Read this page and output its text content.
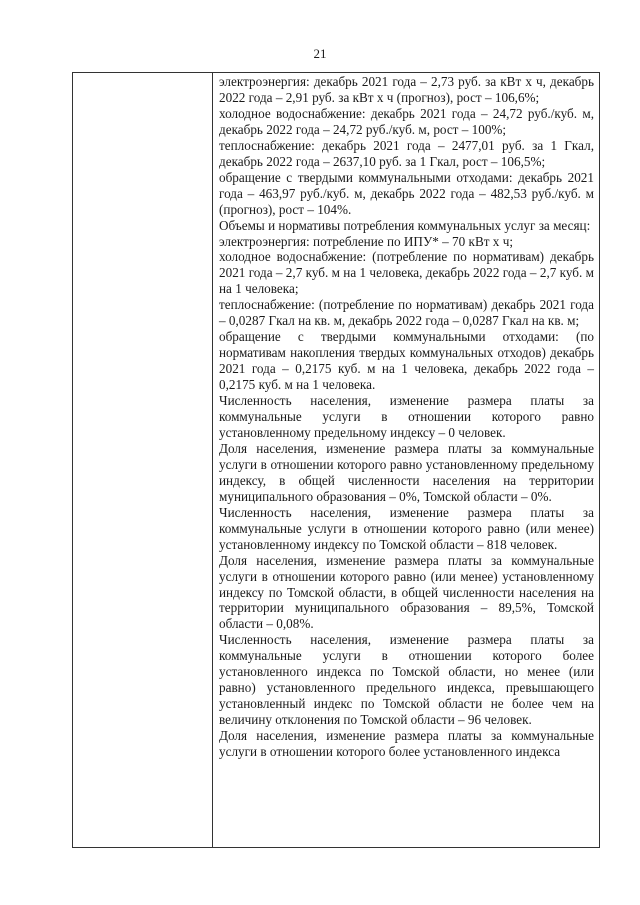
21

электроэнергия: декабрь 2021 года – 2,73 руб. за кВт х ч, декабрь 2022 года – 2,91 руб. за кВт х ч (прогноз), рост – 106,6%;

холодное водоснабжение: декабрь 2021 года – 24,72 руб./куб. м, декабрь 2022 года – 24,72 руб./куб. м, рост – 100%;

теплоснабжение: декабрь 2021 года – 2477,01 руб. за 1 Гкал, декабрь 2022 года – 2637,10 руб. за 1 Гкал, рост – 106,5%;

обращение с твердыми коммунальными отходами: декабрь 2021 года – 463,97 руб./куб. м, декабрь 2022 года – 482,53 руб./куб. м (прогноз), рост – 104%.

Объемы и нормативы потребления коммунальных услуг за месяц:

электроэнергия: потребление по ИПУ* – 70 кВт х ч;

холодное водоснабжение: (потребление по нормативам) декабрь 2021 года – 2,7 куб. м на 1 человека, декабрь 2022 года – 2,7 куб. м на 1 человека;

теплоснабжение: (потребление по нормативам) декабрь 2021 года – 0,0287 Гкал на кв. м, декабрь 2022 года – 0,0287 Гкал на кв. м;

обращение с твердыми коммунальными отходами: (по нормативам накопления твердых коммунальных отходов) декабрь 2021 года – 0,2175 куб. м на 1 человека, декабрь 2022 года – 0,2175 куб. м на 1 человека.

Численность населения, изменение размера платы за коммунальные услуги в отношении которого равно установленному предельному индексу – 0 человек.

Доля населения, изменение размера платы за коммунальные услуги в отношении которого равно установленному предельному индексу, в общей численности населения на территории муниципального образования – 0%, Томской области – 0%.

Численность населения, изменение размера платы за коммунальные услуги в отношении которого равно (или менее) установленному индексу по Томской области – 818 человек.

Доля населения, изменение размера платы за коммунальные услуги в отношении которого равно (или менее) установленному индексу по Томской области, в общей численности населения на территории муниципального образования – 89,5%, Томской области – 0,08%.

Численность населения, изменение размера платы за коммунальные услуги в отношении которого более установленного индекса по Томской области, но менее (или равно) установленного предельного индекса, превышающего установленный индекс по Томской области не более чем на величину отклонения по Томской области – 96 человек.

Доля населения, изменение размера платы за коммунальные услуги в отношении которого более установленного индекса
